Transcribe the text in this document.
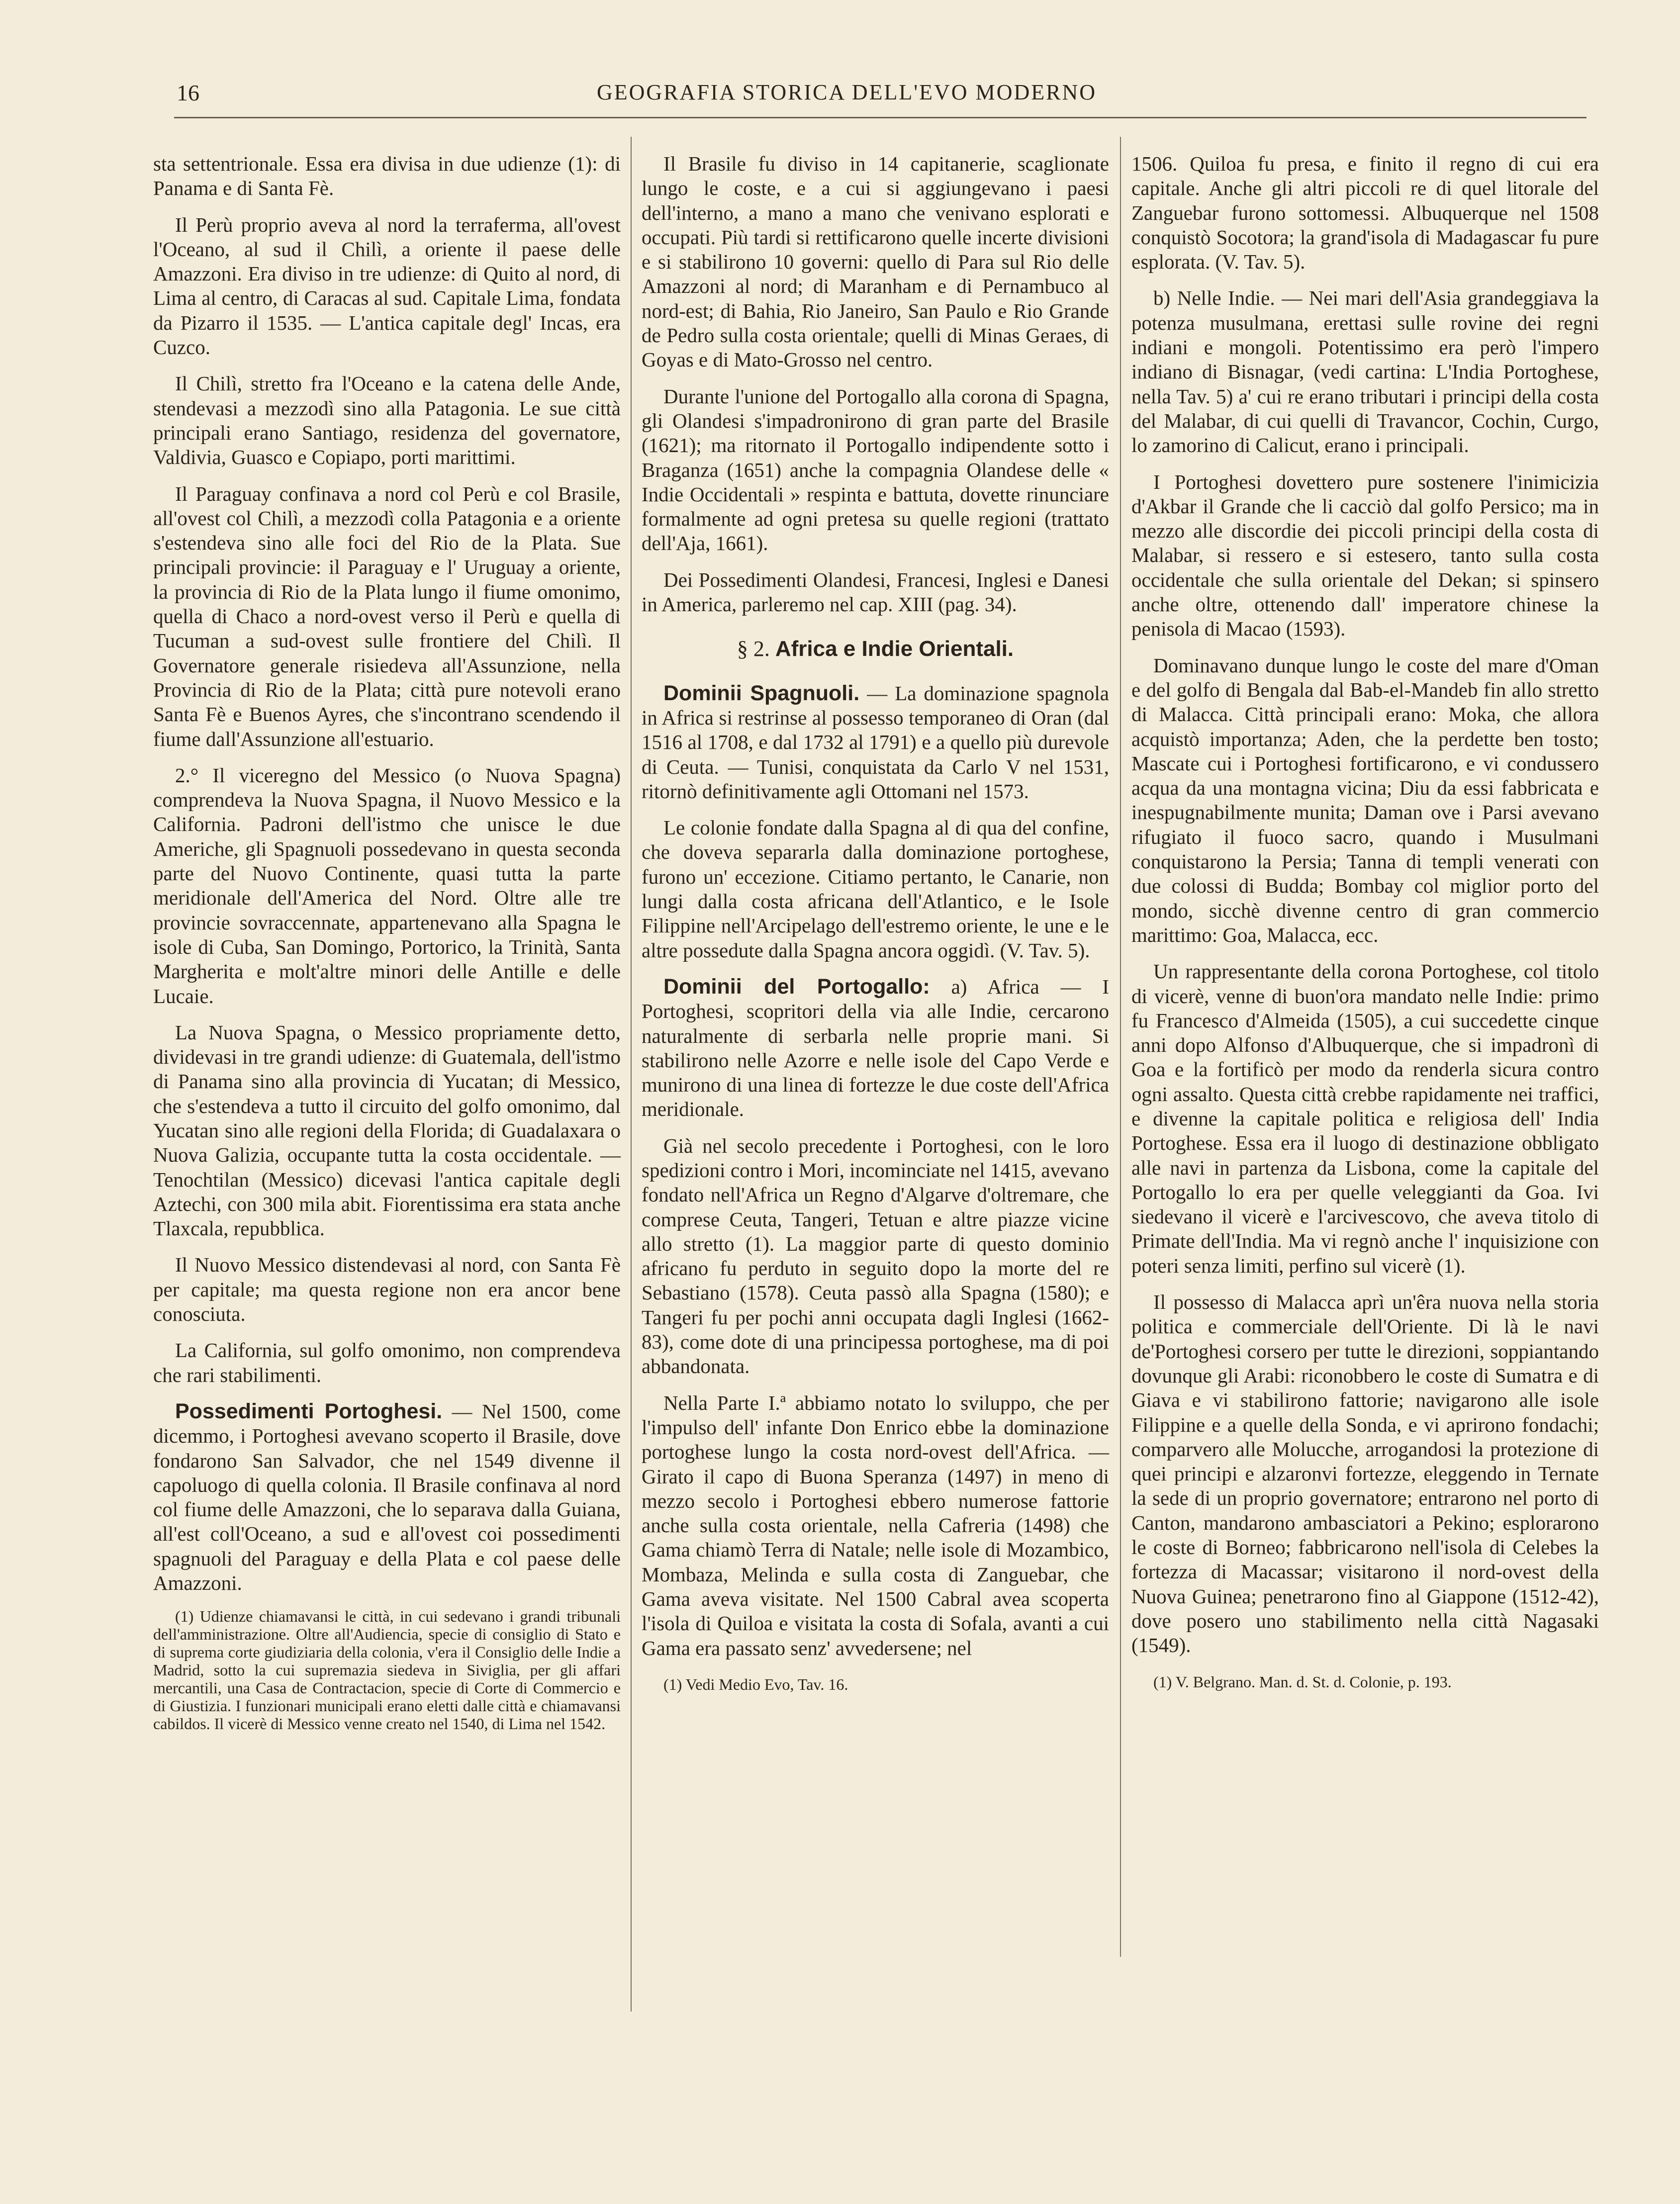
16	GEOGRAFIA STORICA DELL'EVO MODERNO

sta settentrionale. Essa era divisa in due udienze (1): di Panama e di Santa Fè.

Il Perù proprio aveva al nord la terraferma, all'ovest l'Oceano, al sud il Chilì, a oriente il paese delle Amazzoni. Era diviso in tre udienze: di Quito al nord, di Lima al centro, di Caracas al sud. Capitale Lima, fondata da Pizarro il 1535. — L'antica capitale degl' Incas, era Cuzco.

Il Chilì, stretto fra l'Oceano e la catena delle Ande, stendevasi a mezzodì sino alla Patagonia. Le sue città principali erano Santiago, residenza del governatore, Valdivia, Guasco e Copiapo, porti marittimi.

Il Paraguay confinava a nord col Perù e col Brasile, all'ovest col Chilì, a mezzodì colla Patagonia e a oriente s'estendeva sino alle foci del Rio de la Plata. Sue principali provincie: il Paraguay e l' Uruguay a oriente, la provincia di Rio de la Plata lungo il fiume omonimo, quella di Chaco a nord-ovest verso il Perù e quella di Tucuman a sud-ovest sulle frontiere del Chilì. Il Governatore generale risiedeva all'Assunzione, nella Provincia di Rio de la Plata; città pure notevoli erano Santa Fè e Buenos Ayres, che s'incontrano scendendo il fiume dall'Assunzione all'estuario.

2.° Il viceregno del Messico (o Nuova Spagna) comprendeva la Nuova Spagna, il Nuovo Messico e la California. Padroni dell'istmo che unisce le due Americhe, gli Spagnuoli possedevano in questa seconda parte del Nuovo Continente, quasi tutta la parte meridionale dell'America del Nord. Oltre alle tre provincie sovraccennate, appartenevano alla Spagna le isole di Cuba, San Domingo, Portorico, la Trinità, Santa Margherita e molt'altre minori delle Antille e delle Lucaie.

La Nuova Spagna, o Messico propriamente detto, dividevasi in tre grandi udienze: di Guatemala, dell'istmo di Panama sino alla provincia di Yucatan; di Messico, che s'estendeva a tutto il circuito del golfo omonimo, dal Yucatan sino alle regioni della Florida; di Guadalaxara o Nuova Galizia, occupante tutta la costa occidentale. — Tenochtilan (Messico) dicevasi l'antica capitale degli Aztechi, con 300 mila abit. Fiorentissima era stata anche Tlaxcala, repubblica.

Il Nuovo Messico distendevasi al nord, con Santa Fè per capitale; ma questa regione non era ancor bene conosciuta.

La California, sul golfo omonimo, non comprendeva che rari stabilimenti.

Possedimenti Portoghesi. — Nel 1500, come dicemmo, i Portoghesi avevano scoperto il Brasile, dove fondarono San Salvador, che nel 1549 divenne il capoluogo di quella colonia. Il Brasile confinava al nord col fiume delle Amazzoni, che lo separava dalla Guiana, all'est coll'Oceano, a sud e all'ovest coi possedimenti spagnuoli del Paraguay e della Plata e col paese delle Amazzoni.

(1) Udienze chiamavansi le città, in cui sedevano i grandi tribunali dell'amministrazione. Oltre all'Audiencia, specie di consiglio di Stato e di suprema corte giudiziaria della colonia, v'era il Consiglio delle Indie a Madrid, sotto la cui supremazia siedeva in Siviglia, per gli affari mercantili, una Casa de Contractacion, specie di Corte di Commercio e di Giustizia. I funzionari municipali erano eletti dalle città e chiamavansi cabildos. Il vicerè di Messico venne creato nel 1540, di Lima nel 1542.

Il Brasile fu diviso in 14 capitanerie, scaglionate lungo le coste, e a cui si aggiungevano i paesi dell'interno, a mano a mano che venivano esplorati e occupati. Più tardi si rettificarono quelle incerte divisioni e si stabilirono 10 governi: quello di Para sul Rio delle Amazzoni al nord; di Maranham e di Pernambuco al nord-est; di Bahia, Rio Janeiro, San Paulo e Rio Grande de Pedro sulla costa orientale; quelli di Minas Geraes, di Goyas e di Mato-Grosso nel centro.

Durante l'unione del Portogallo alla corona di Spagna, gli Olandesi s'impadronirono di gran parte del Brasile (1621); ma ritornato il Portogallo indipendente sotto i Braganza (1651) anche la compagnia Olandese delle « Indie Occidentali » respinta e battuta, dovette rinunciare formalmente ad ogni pretesa su quelle regioni (trattato dell'Aja, 1661).

Dei Possedimenti Olandesi, Francesi, Inglesi e Danesi in America, parleremo nel cap. XIII (pag. 34).

§ 2. Africa e Indie Orientali.

Dominii Spagnuoli. — La dominazione spagnola in Africa si restrinse al possesso temporaneo di Oran (dal 1516 al 1708, e dal 1732 al 1791) e a quello più durevole di Ceuta. — Tunisi, conquistata da Carlo V nel 1531, ritornò definitivamente agli Ottomani nel 1573.

Le colonie fondate dalla Spagna al di qua del confine, che doveva separarla dalla dominazione portoghese, furono un' eccezione. Citiamo pertanto, le Canarie, non lungi dalla costa africana dell'Atlantico, e le Isole Filippine nell'Arcipelago dell'estremo oriente, le une e le altre possedute dalla Spagna ancora oggidì. (V. Tav. 5).

Dominii del Portogallo: a) Africa — I Portoghesi, scopritori della via alle Indie, cercarono naturalmente di serbarla nelle proprie mani. Si stabilirono nelle Azorre e nelle isole del Capo Verde e munirono di una linea di fortezze le due coste dell'Africa meridionale.

Già nel secolo precedente i Portoghesi, con le loro spedizioni contro i Mori, incominciate nel 1415, avevano fondato nell'Africa un Regno d'Algarve d'oltremare, che comprese Ceuta, Tangeri, Tetuan e altre piazze vicine allo stretto (1). La maggior parte di questo dominio africano fu perduto in seguito dopo la morte del re Sebastiano (1578). Ceuta passò alla Spagna (1580); e Tangeri fu per pochi anni occupata dagli Inglesi (1662-83), come dote di una principessa portoghese, ma di poi abbandonata.

Nella Parte I.ª abbiamo notato lo sviluppo, che per l'impulso dell' infante Don Enrico ebbe la dominazione portoghese lungo la costa nord-ovest dell'Africa. — Girato il capo di Buona Speranza (1497) in meno di mezzo secolo i Portoghesi ebbero numerose fattorie anche sulla costa orientale, nella Cafreria (1498) che Gama chiamò Terra di Natale; nelle isole di Mozambico, Mombaza, Melinda e sulla costa di Zanguebar, che Gama aveva visitate. Nel 1500 Cabral avea scoperta l'isola di Quiloa e visitata la costa di Sofala, avanti a cui Gama era passato senz' avvedersene; nel

(1) Vedi Medio Evo, Tav. 16.

1506. Quiloa fu presa, e finito il regno di cui era capitale. Anche gli altri piccoli re di quel litorale del Zanguebar furono sottomessi. Albuquerque nel 1508 conquistò Socotora; la grand'isola di Madagascar fu pure esplorata. (V. Tav. 5).

b) Nelle Indie. — Nei mari dell'Asia grandeggiava la potenza musulmana, erettasi sulle rovine dei regni indiani e mongoli. Potentissimo era però l'impero indiano di Bisnagar, (vedi cartina: L'India Portoghese, nella Tav. 5) a' cui re erano tributari i principi della costa del Malabar, di cui quelli di Travancor, Cochin, Curgo, lo zamorino di Calicut, erano i principali.

I Portoghesi dovettero pure sostenere l'inimicizia d'Akbar il Grande che li cacciò dal golfo Persico; ma in mezzo alle discordie dei piccoli principi della costa di Malabar, si ressero e si estesero, tanto sulla costa occidentale che sulla orientale del Dekan; si spinsero anche oltre, ottenendo dall' imperatore chinese la penisola di Macao (1593).

Dominavano dunque lungo le coste del mare d'Oman e del golfo di Bengala dal Bab-el-Mandeb fin allo stretto di Malacca. Città principali erano: Moka, che allora acquistò importanza; Aden, che la perdette ben tosto; Mascate cui i Portoghesi fortificarono, e vi condussero acqua da una montagna vicina; Diu da essi fabbricata e inespugnabilmente munita; Daman ove i Parsi avevano rifugiato il fuoco sacro, quando i Musulmani conquistarono la Persia; Tanna di templi venerati con due colossi di Budda; Bombay col miglior porto del mondo, sicchè divenne centro di gran commercio marittimo: Goa, Malacca, ecc.

Un rappresentante della corona Portoghese, col titolo di vicerè, venne di buon'ora mandato nelle Indie: primo fu Francesco d'Almeida (1505), a cui succedette cinque anni dopo Alfonso d'Albuquerque, che si impadronì di Goa e la fortificò per modo da renderla sicura contro ogni assalto. Questa città crebbe rapidamente nei traffici, e divenne la capitale politica e religiosa dell' India Portoghese. Essa era il luogo di destinazione obbligato alle navi in partenza da Lisbona, come la capitale del Portogallo lo era per quelle veleggianti da Goa. Ivi siedevano il vicerè e l'arcivescovo, che aveva titolo di Primate dell'India. Ma vi regnò anche l' inquisizione con poteri senza limiti, perfino sul vicerè (1).

Il possesso di Malacca aprì un'êra nuova nella storia politica e commerciale dell'Oriente. Di là le navi de'Portoghesi corsero per tutte le direzioni, soppiantando dovunque gli Arabi: riconobbero le coste di Sumatra e di Giava e vi stabilirono fattorie; navigarono alle isole Filippine e a quelle della Sonda, e vi aprirono fondachi; comparvero alle Molucche, arrogandosi la protezione di quei principi e alzaronvi fortezze, eleggendo in Ternate la sede di un proprio governatore; entrarono nel porto di Canton, mandarono ambasciatori a Pekino; esplorarono le coste di Borneo; fabbricarono nell'isola di Celebes la fortezza di Macassar; visitarono il nord-ovest della Nuova Guinea; penetrarono fino al Giappone (1512-42), dove posero uno stabilimento nella città Nagasaki (1549).

(1) V. Belgrano. Man. d. St. d. Colonie, p. 193.
